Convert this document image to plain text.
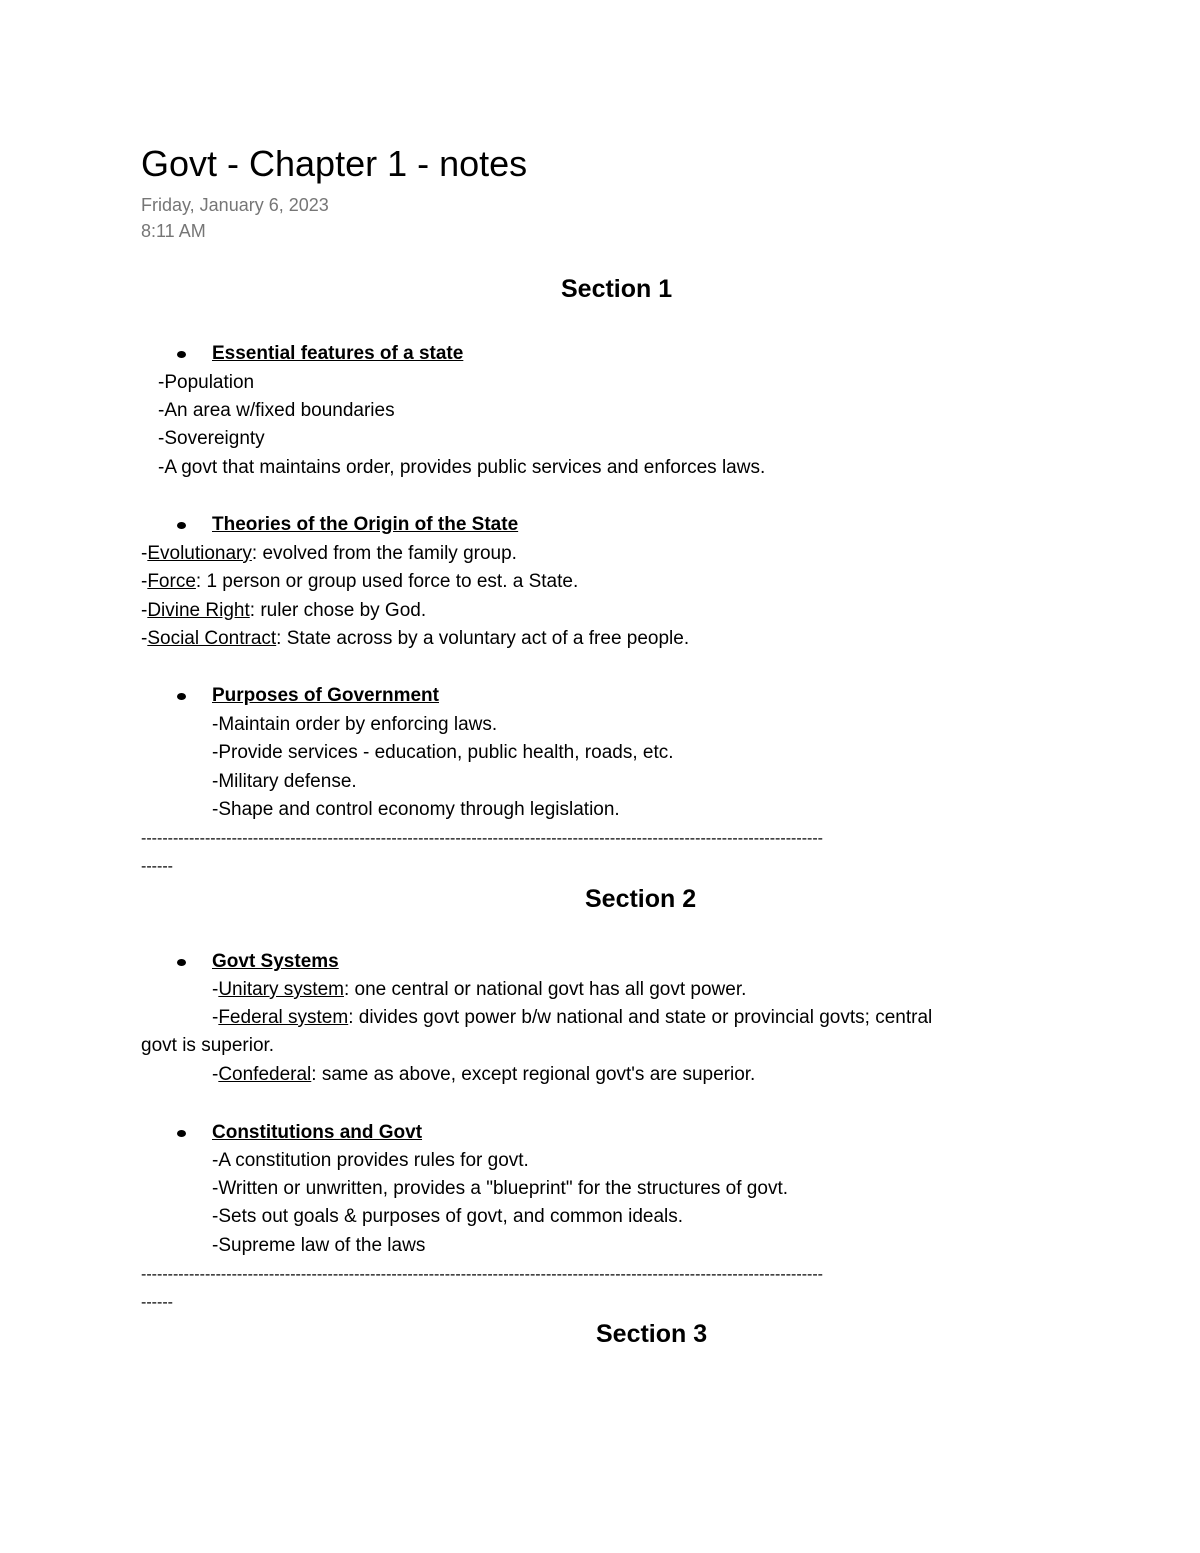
Govt - Chapter 1 - notes
Friday, January 6, 2023
8:11 AM
Section 1
Essential features of a state
-Population
-An area w/fixed boundaries
-Sovereignty
-A govt that maintains order, provides public services and enforces laws.
Theories of the Origin of the State
-Evolutionary: evolved from the family group.
-Force: 1 person or group used force to est. a State.
-Divine Right: ruler chose by God.
-Social Contract: State across by a voluntary act of a free people.
Purposes of Government
-Maintain order by enforcing laws.
-Provide services - education, public health, roads, etc.
-Military defense.
-Shape and control economy through legislation.
--------------------------------------------------------------------------------------------------------------------------------
------
Section 2
Govt Systems
-Unitary system: one central or national govt has all govt power.
-Federal system: divides govt power b/w national and state or provincial govts; central
govt is superior.
-Confederal: same as above, except regional govt's are superior.
Constitutions and Govt
-A constitution provides rules for govt.
-Written or unwritten, provides a "blueprint" for the structures of govt.
-Sets out goals & purposes of govt, and common ideals.
-Supreme law of the laws
--------------------------------------------------------------------------------------------------------------------------------
------
Section 3
